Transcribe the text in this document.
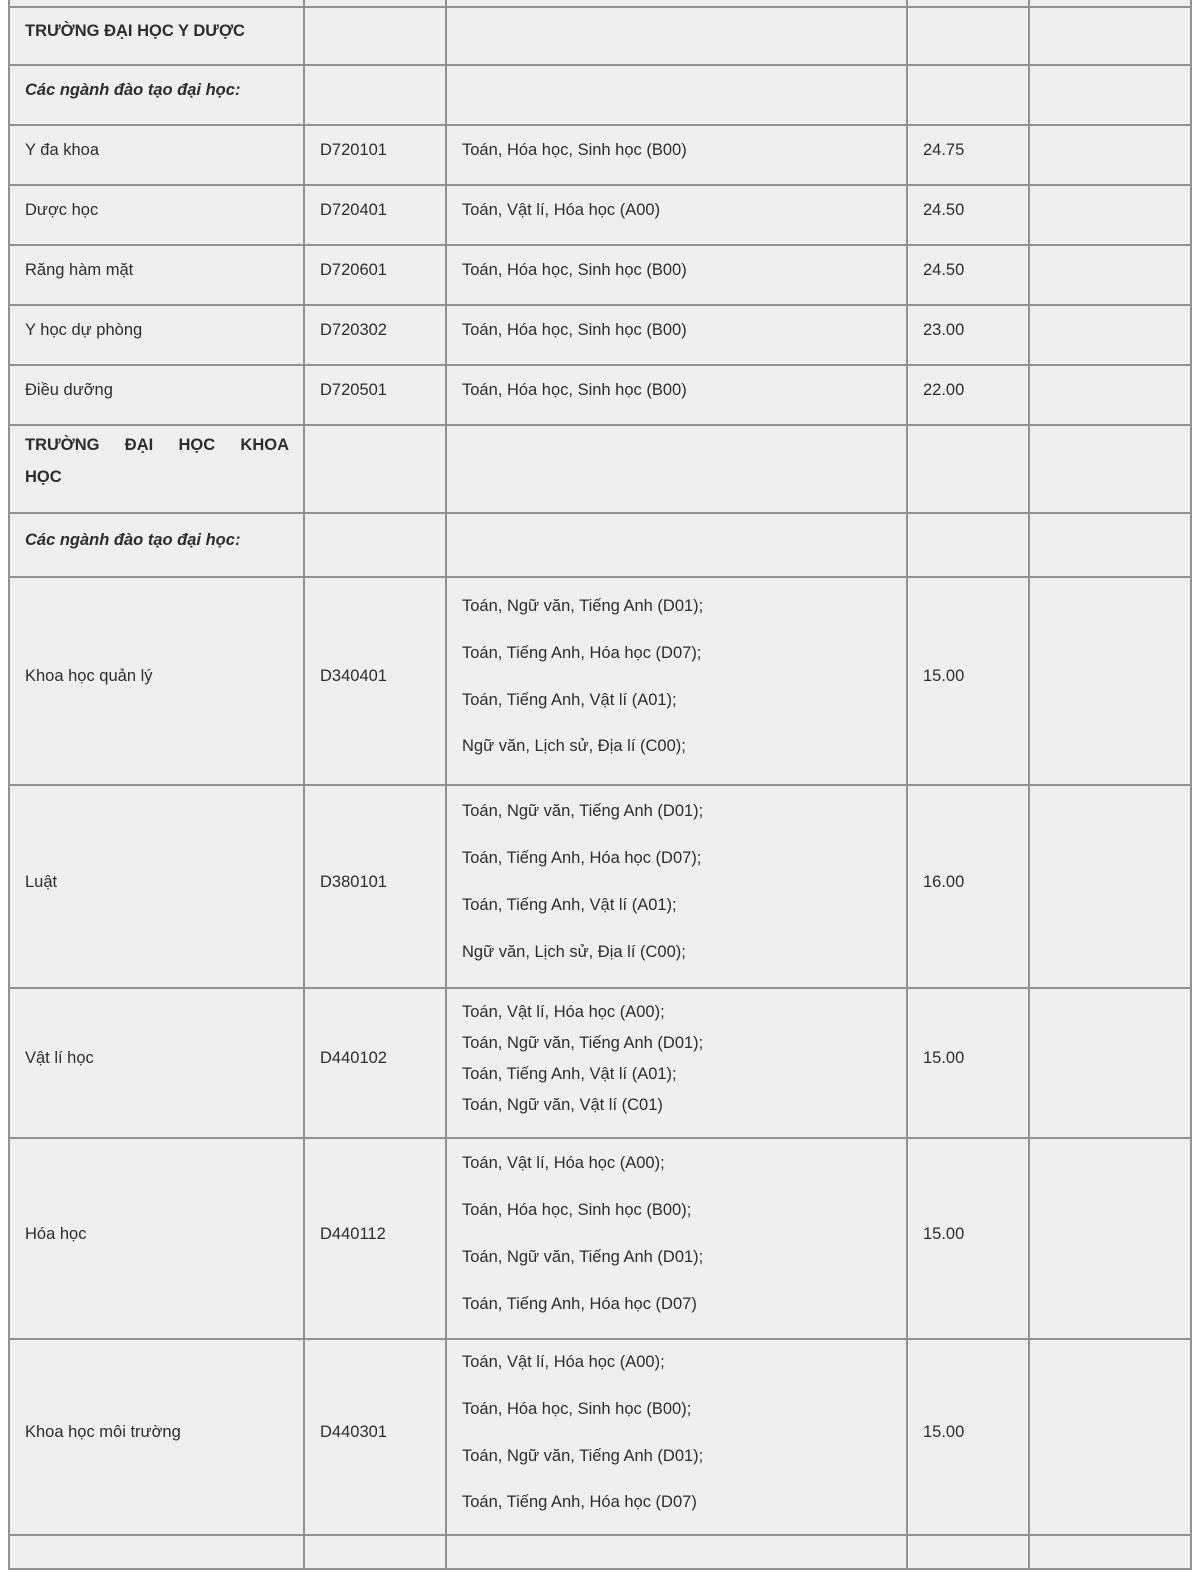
TRƯỜNG ĐẠI HỌC Y DƯỢC				
Các ngành đào tạo đại học:				
Y đa khoa	D720101	Toán, Hóa học, Sinh học (B00)	24.75	
Dược học	D720401	Toán, Vật lí, Hóa học (A00)	24.50	
Răng hàm mặt	D720601	Toán, Hóa học, Sinh học (B00)	24.50	
Y học dự phòng	D720302	Toán, Hóa học, Sinh học (B00)	23.00	
Điều dưỡng	D720501	Toán, Hóa học, Sinh học (B00)	22.00	
TRƯỜNG ĐẠI HỌC KHOA HỌC				
Các ngành đào tạo đại học:				
Khoa học quản lý	D340401	Toán, Ngữ văn, Tiếng Anh (D01);

Toán, Tiếng Anh, Hóa học (D07);

Toán, Tiếng Anh, Vật lí (A01);

Ngữ văn, Lịch sử, Địa lí (C00);	15.00	
Luật	D380101	Toán, Ngữ văn, Tiếng Anh (D01);

Toán, Tiếng Anh, Hóa học (D07);

Toán, Tiếng Anh, Vật lí (A01);

Ngữ văn, Lịch sử, Địa lí (C00);	16.00	
Vật lí học	D440102	Toán, Vật lí, Hóa học (A00);

Toán, Ngữ văn, Tiếng Anh (D01);

Toán, Tiếng Anh, Vật lí (A01);

Toán, Ngữ văn, Vật lí (C01)	15.00	
Hóa học	D440112	Toán, Vật lí, Hóa học (A00);

Toán, Hóa học, Sinh học (B00);

Toán, Ngữ văn, Tiếng Anh (D01);

Toán, Tiếng Anh, Hóa học (D07)	15.00	
Khoa học môi trường	D440301	Toán, Vật lí, Hóa học (A00);

Toán, Hóa học, Sinh học (B00);

Toán, Ngữ văn, Tiếng Anh (D01);

Toán, Tiếng Anh, Hóa học (D07)	15.00	
